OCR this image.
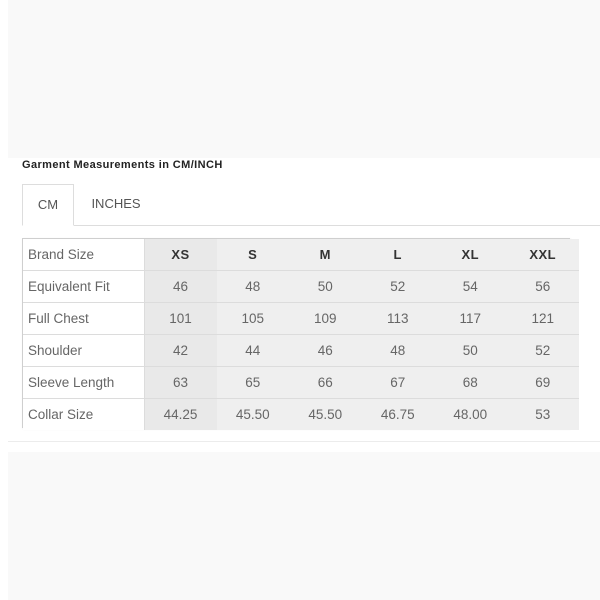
Garment Measurements in CM/INCH
CM	INCHES
Brand Size	XS	S	M	L	XL	XXL
Equivalent Fit	46	48	50	52	54	56
Full Chest	101	105	109	113	117	121
Shoulder	42	44	46	48	50	52
Sleeve Length	63	65	66	67	68	69
Collar Size	44.25	45.50	45.50	46.75	48.00	53
